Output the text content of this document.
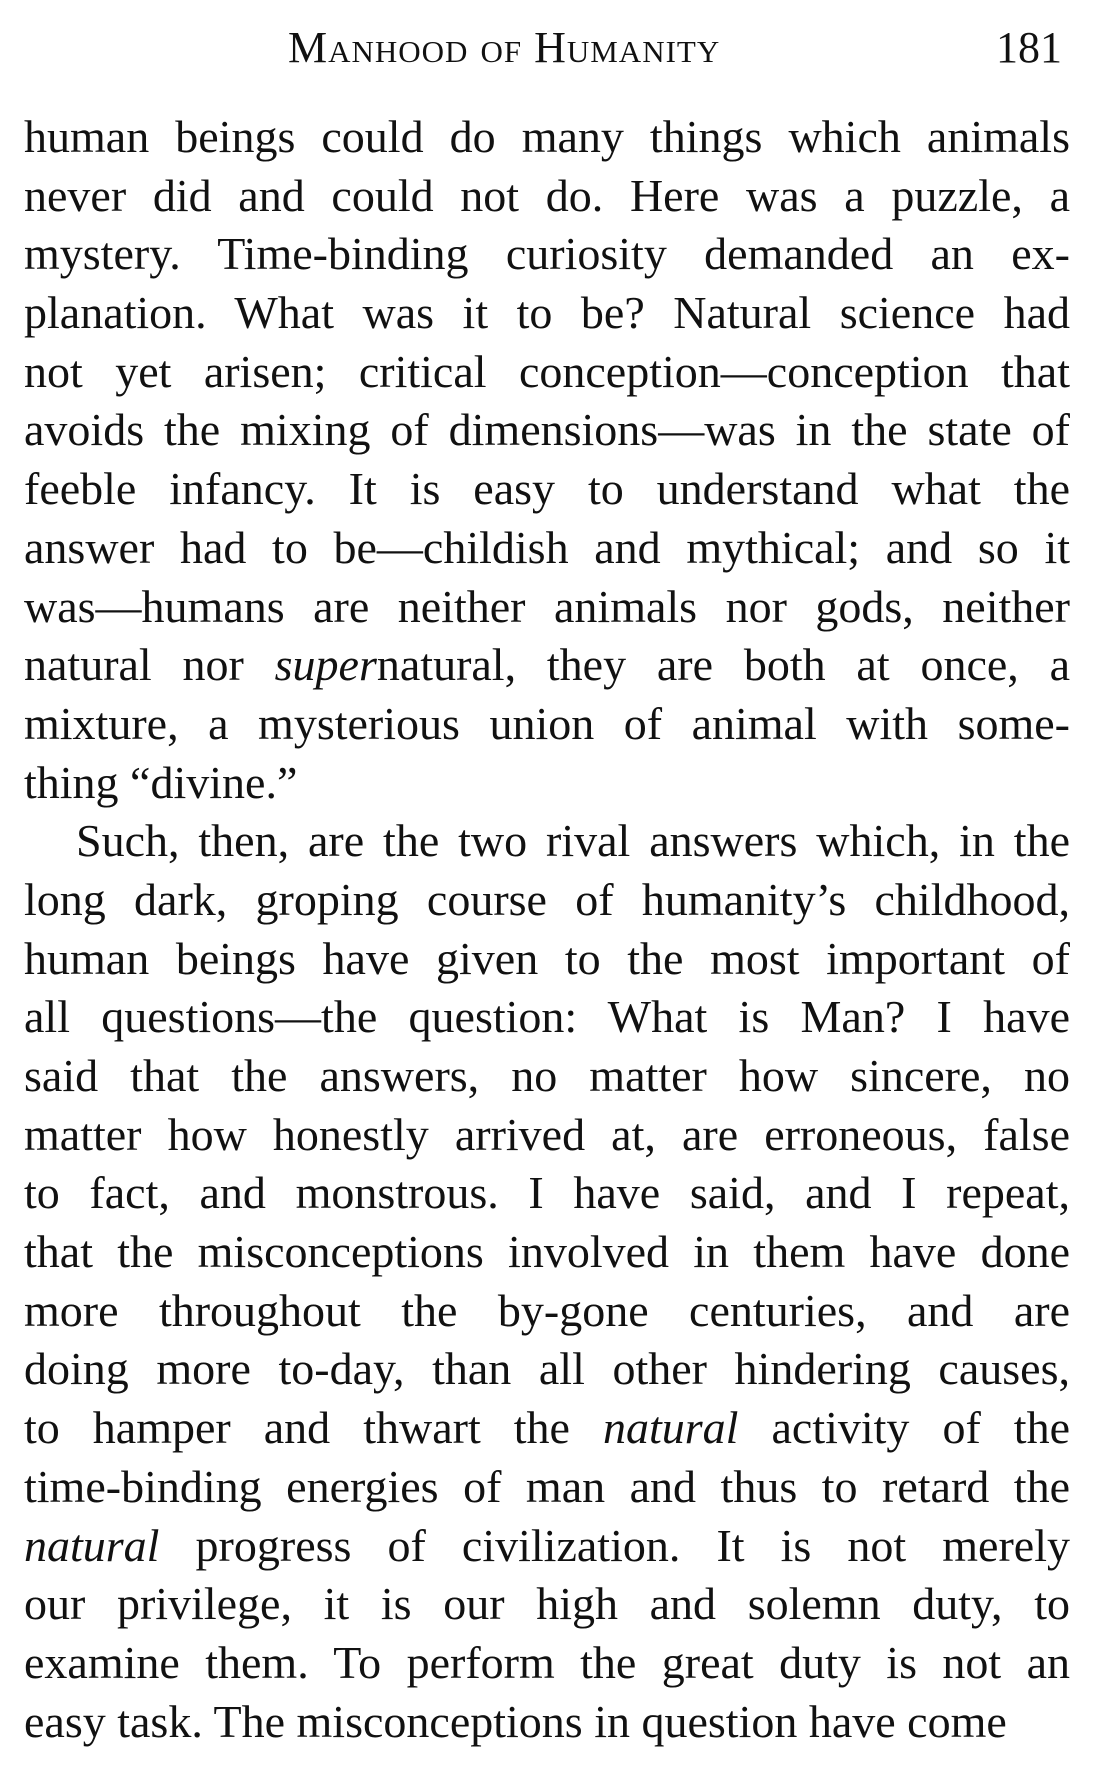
Manhood of Humanity	181
human beings could do many things which animals
never did and could not do. Here was a puzzle, a
mystery. Time-binding curiosity demanded an ex-
planation. What was it to be? Natural science had
not yet arisen; critical conception—conception that
avoids the mixing of dimensions—was in the state of
feeble infancy. It is easy to understand what the
answer had to be—childish and mythical; and so it
was—humans are neither animals nor gods, neither
natural nor supernatural, they are both at once, a
mixture, a mysterious union of animal with some-
thing “divine.”
Such, then, are the two rival answers which, in the
long dark, groping course of humanity’s childhood,
human beings have given to the most important of
all questions—the question: What is Man? I have
said that the answers, no matter how sincere, no
matter how honestly arrived at, are erroneous, false
to fact, and monstrous. I have said, and I repeat,
that the misconceptions involved in them have done
more throughout the by-gone centuries, and are
doing more to-day, than all other hindering causes,
to hamper and thwart the natural activity of the
time-binding energies of man and thus to retard the
natural progress of civilization. It is not merely
our privilege, it is our high and solemn duty, to
examine them. To perform the great duty is not an
easy task. The misconceptions in question have come
